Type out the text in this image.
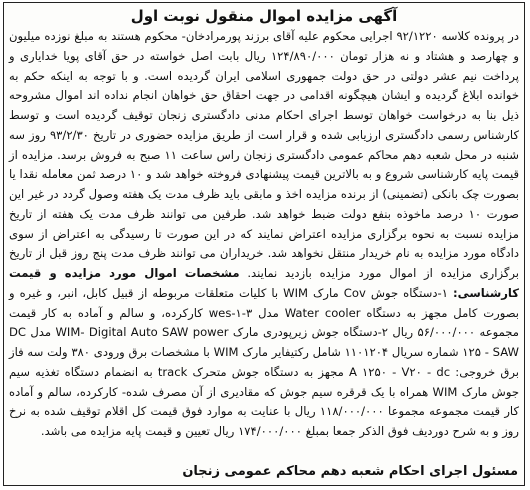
آگهی مزایده اموال منقول نوبت اول

در پرونده کلاسه ۹۲/۱۲۲۰ اجرایی محکوم علیه آقای برزند پورمرادخان- محکوم هستند به مبلغ نوزده میلیون و چهارصد و هشتاد و نه هزار تومان ۱۲۴/۸۹۰/۰۰۰ ریال بابت اصل خواسته در حق آقای پویا خدایاری و پرداخت نیم عشر دولتی در حق دولت جمهوری اسلامی ایران گردیده است. و با توجه به اینکه حکم به خوانده ابلاغ گردیده و ایشان هیچگونه اقدامی در جهت احقاق حق خواهان انجام نداده اند اموال مشروحه ذیل بنا به درخواست خواهان توسط اجرای احکام مدنی دادگستری زنجان توقیف گردیده است و توسط کارشناس رسمی دادگستری ارزیابی شده و قرار است از طریق مزایده حضوری در تاریخ ۹۳/۲/۳۰ روز سه شنبه در محل شعبه دهم محاکم عمومی دادگستری زنجان راس ساعت ۱۱ صبح به فروش برسد. مزایده از قیمت پایه کارشناسی شروع و به بالاترین قیمت پیشنهادی فروخته خواهد شد و ۱۰ درصد ثمن معامله نقدا یا بصورت چک بانکی (تضمینی) از برنده مزایده اخذ و مابقی باید ظرف مدت یک هفته وصول گردد در غیر این صورت ۱۰ درصد ماخوذه بنفع دولت ضبط خواهد شد. طرفین می توانند ظرف مدت یک هفته از تاریخ مزایده نسبت به نحوه برگزاری مزایده اعتراض نمایند که در این صورت تا رسیدگی به اعتراض از سوی دادگاه مورد مزایده به نام خریدار منتقل نخواهد شد. خریداران می توانند ظرف مدت پنج روز قبل از تاریخ برگزاری مزایده از اموال مورد مزایده بازدید نمایند. مشخصات اموال مورد مزایده و قیمت کارشناسی: ۱-دستگاه جوش Cov مارک WIM با کلیات متعلقات مربوطه از قبیل کابل، انبر، و غیره و بصورت کامل مجهز به دستگاه Water cooler مدل ۳-wes-۱ کارکرده، و سالم و آماده به کار قیمت مجموعه ۵۶/۰۰۰/۰۰۰ ریال ۲-دستگاه جوش زیرپودری مارک WIM- Digital Auto SAW power مدل DC ۱۲۵ - SAW شماره سریال ۱۱۰۱۲۰۴ شامل رکتیفایر مارک WIM با مشخصات برق ورودی ۳۸۰ ولت سه فاز برق خروجی: A ۱۲۵۰ - V۲۰ - dc مجهز به دستگاه جوش متحرک track به انضمام دستگاه تغذیه سیم جوش مارک WIM همراه با یک قرقره سیم جوش که مقادیری از آن مصرف شده- کارکرده، سالم و آماده کار قیمت مجموعه مجموعا ۱۱۸/۰۰۰/۰۰۰ ریال با عنایت به موارد فوق قیمت کل اقلام توقیف شده به نرخ روز و به شرح دوردیف فوق الذکر جمعا بمبلغ ۱۷۴/۰۰۰/۰۰۰ ریال تعیین و قیمت پایه مزایده می باشد.

مسئول اجرای احکام شعبه دهم محاکم عمومی زنجان
